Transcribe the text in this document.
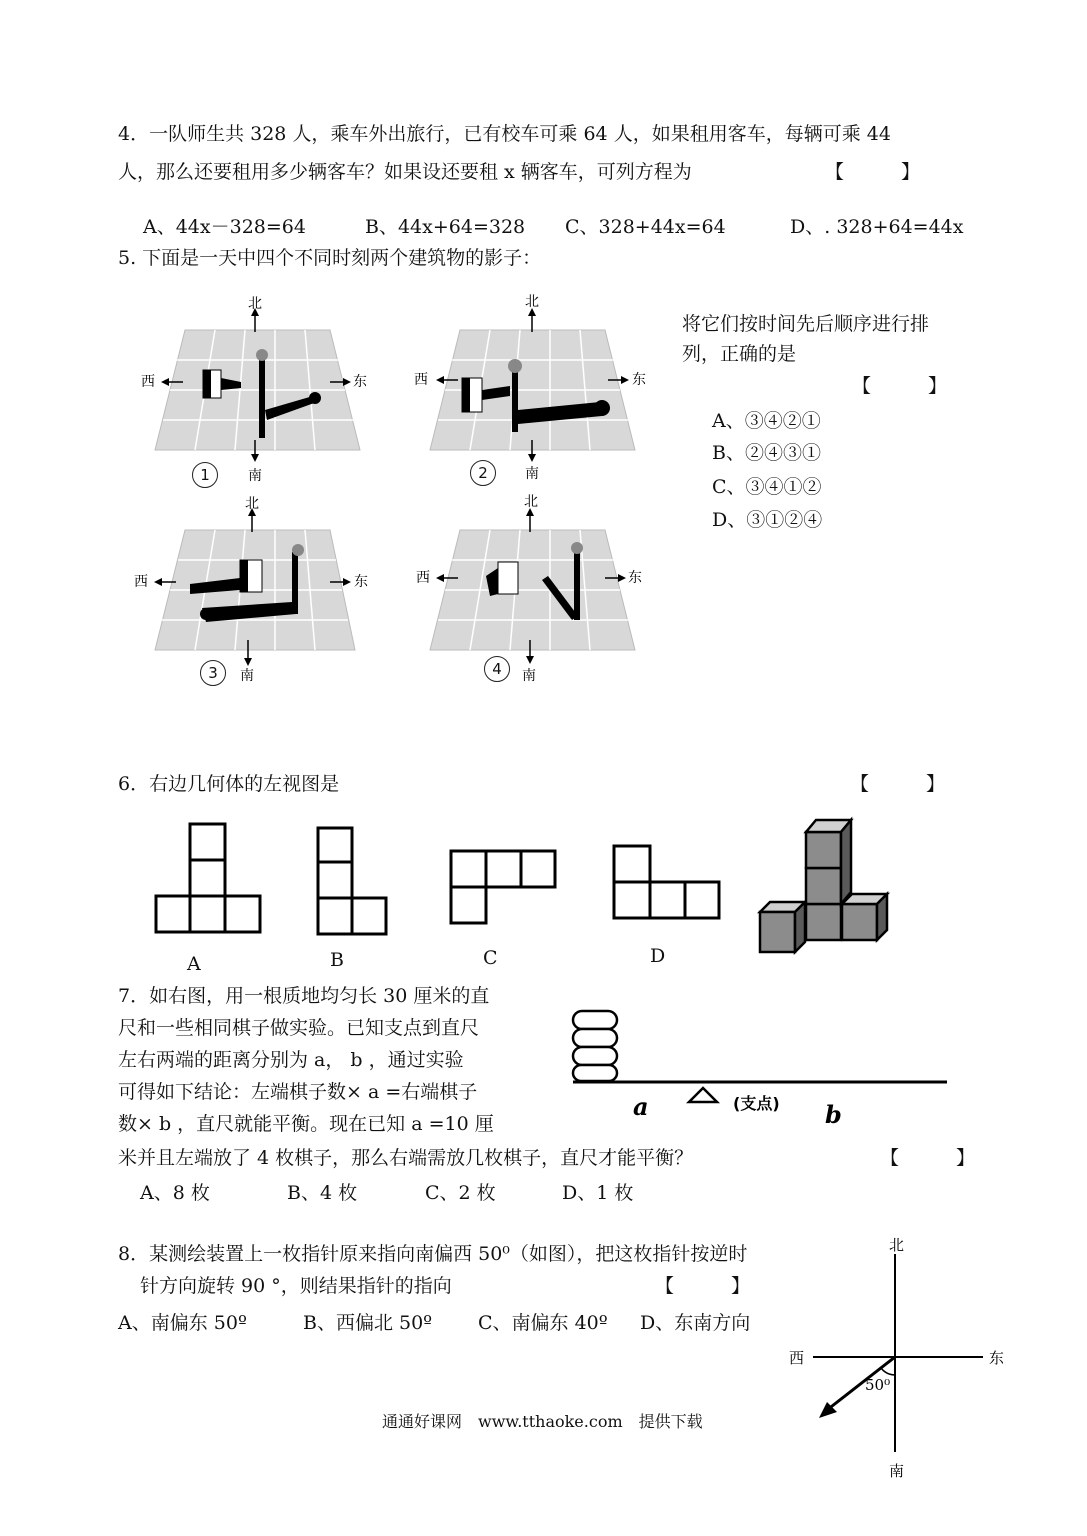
4．一队师生共 328 人，乘车外出旅行，已有校车可乘 64 人，如果租用客车，每辆可乘 44
人，那么还要租用多少辆客车？如果设还要租 x 辆客车，可列方程为	【　　　】
A、44x－328=64	B、44x+64=328 C、328+44x=64	D、. 328+64=44x
5. 下面是一天中四个不同时刻两个建筑物的影子：
西	东
北
南
1
西	东
北
南
2
西	东
北
南
3
西	东
北
南
4
将它们按时间先后顺序进行排
列，正确的是
【　　　】
A、③④②①
B、②④③①
C、③④①②
D、③①②④
6．右边几何体的左视图是	【　　　】
A	B	C	D
7．如右图，用一根质地均匀长 30 厘米的直
尺和一些相同棋子做实验。已知支点到直尺
左右两端的距离分别为 a， b ，通过实验
可得如下结论：左端棋子数× a =右端棋子
数× b ，直尺就能平衡。现在已知 a =10 厘
米并且左端放了 4 枚棋子，那么右端需放几枚棋子，直尺才能平衡？	【　　　】
A、8 枚	B、4 枚	C、2 枚	D、1 枚
a	(支点) b
8．某测绘装置上一枚指针原来指向南偏西 50⁰（如图），把这枚指针按逆时
针方向旋转 90 °，则结果指针的指向	【　　　】
A、南偏东 50º	B、西偏北 50º C、南偏东 40º D、东南方向
北
南
西	东
50⁰
通通好课网　www.tthaoke.com　提供下载
